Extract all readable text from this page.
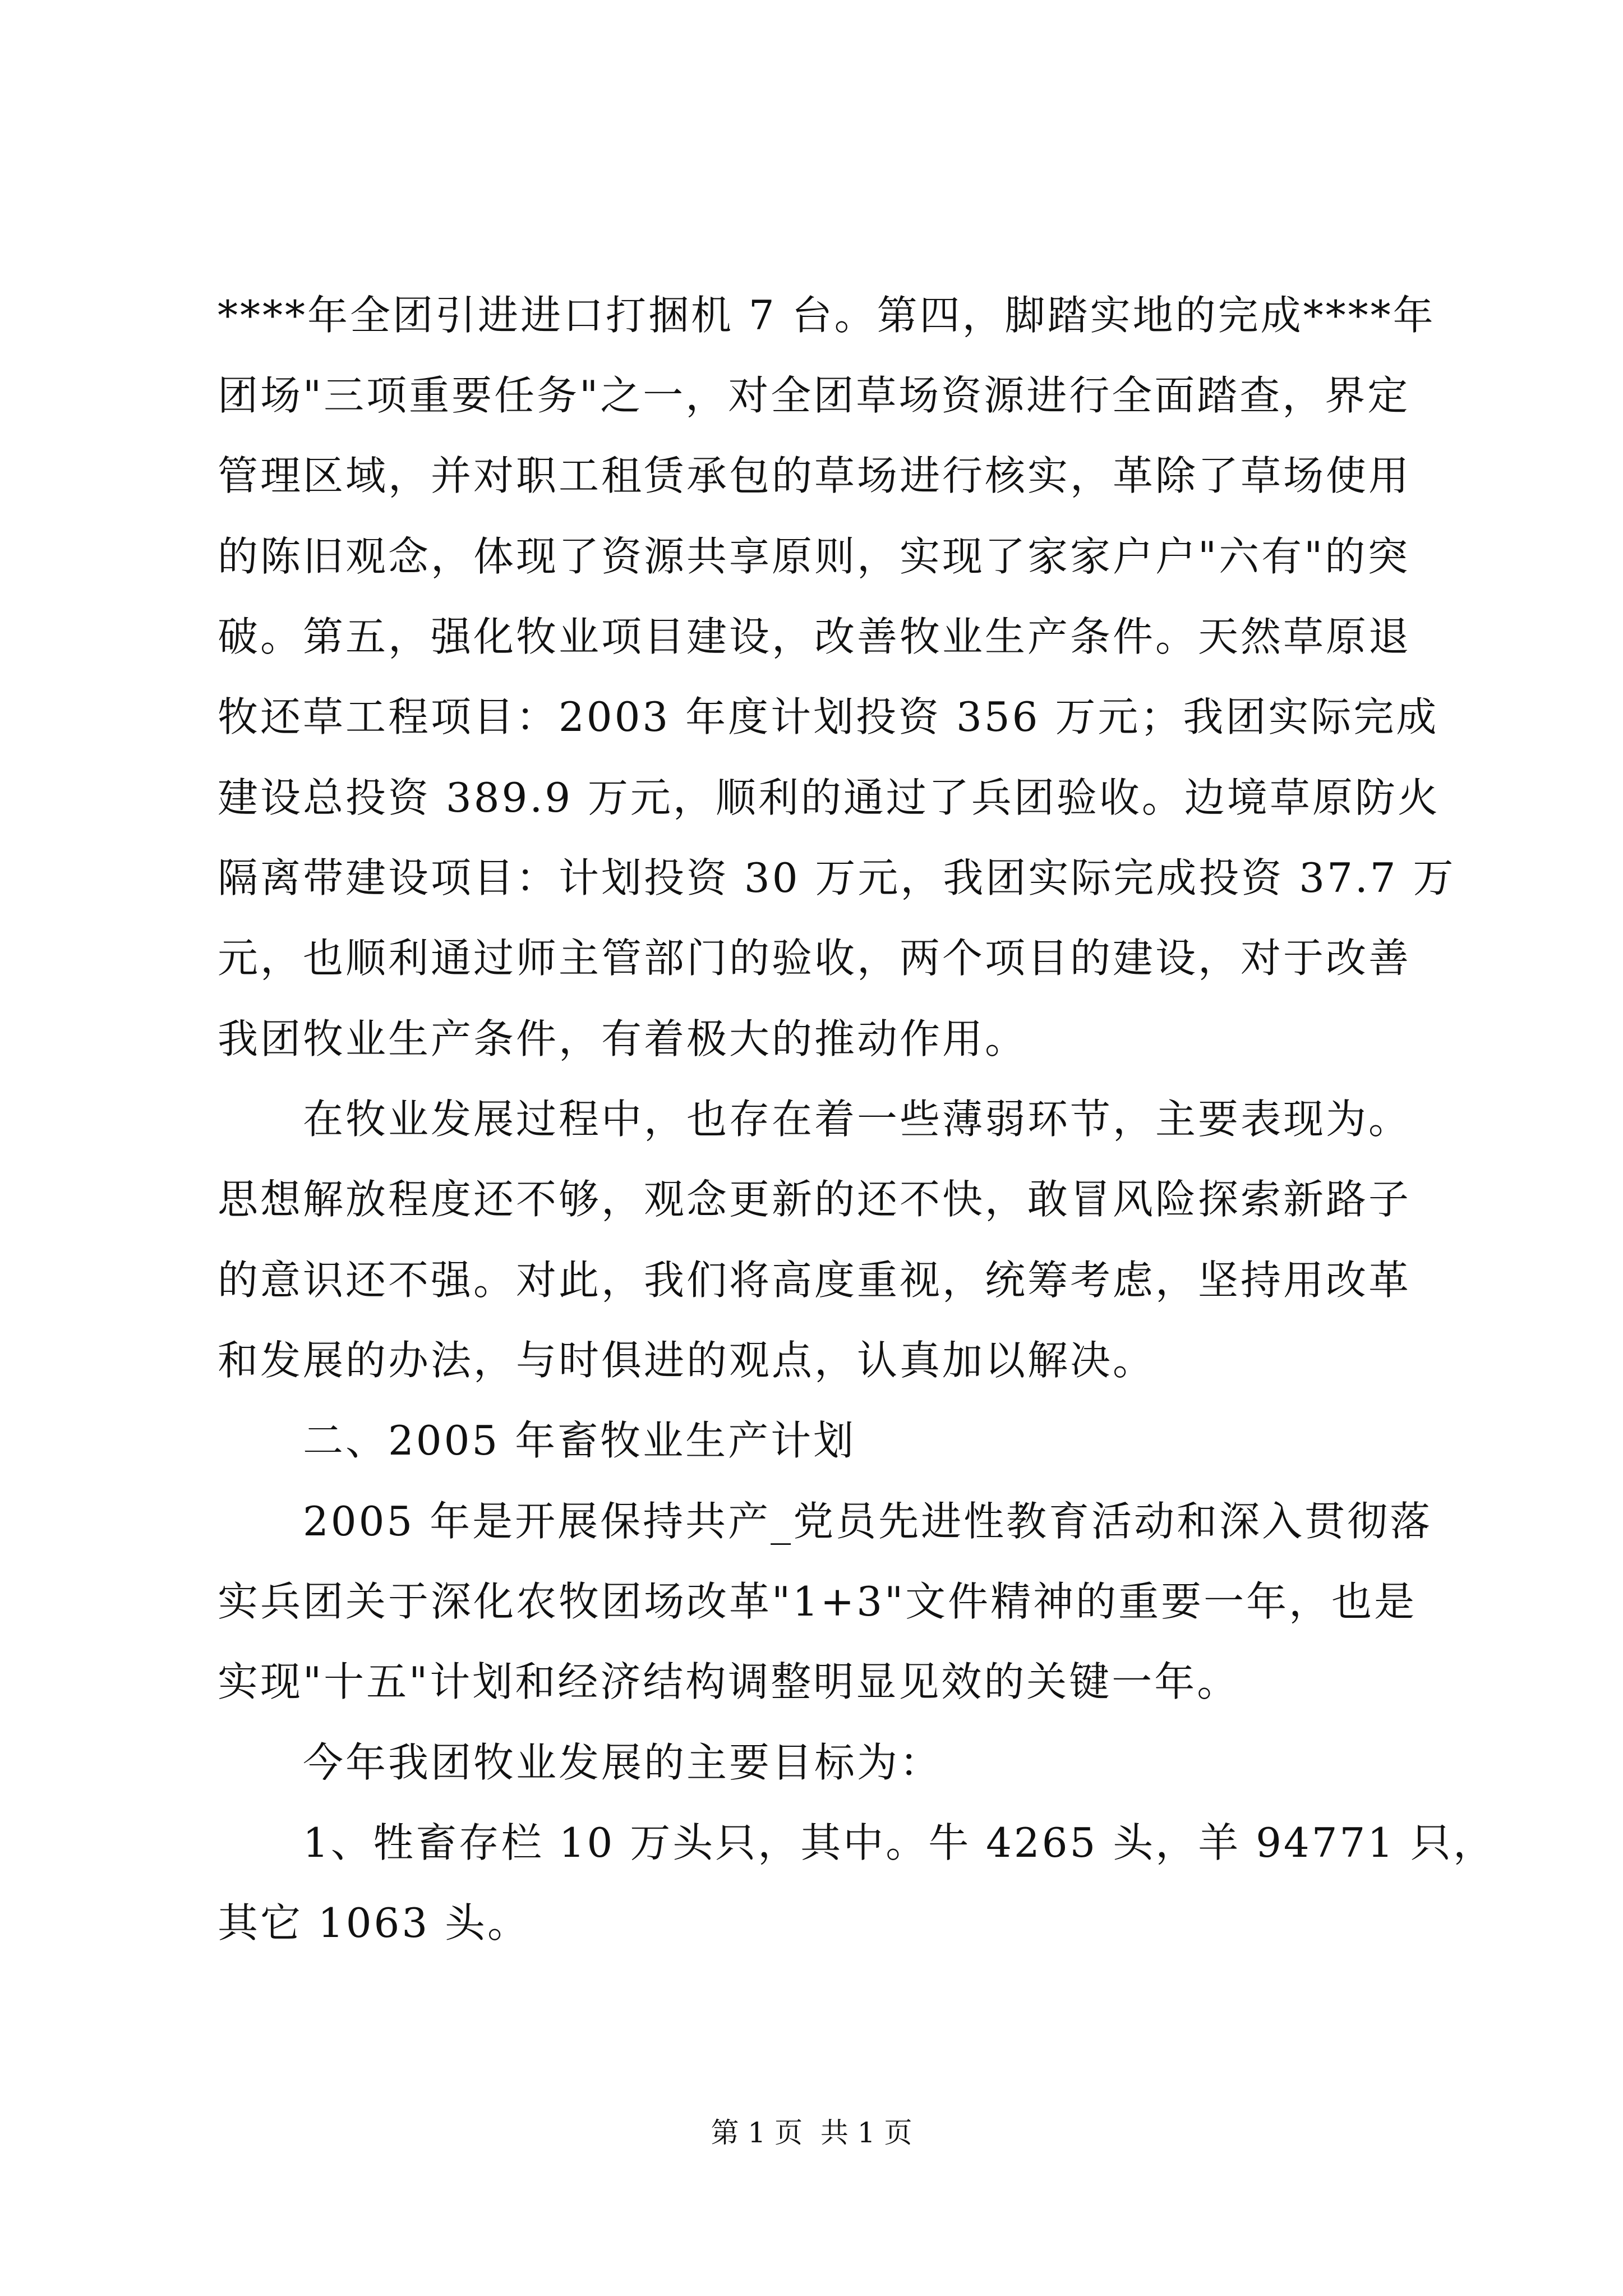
****年全团引进进口打捆机 7 台。第四，脚踏实地的完成****年
团场"三项重要任务"之一，对全团草场资源进行全面踏查，界定
管理区域，并对职工租赁承包的草场进行核实，革除了草场使用
的陈旧观念，体现了资源共享原则，实现了家家户户"六有"的突
破。第五，强化牧业项目建设，改善牧业生产条件。天然草原退
牧还草工程项目：2003 年度计划投资 356 万元；我团实际完成
建设总投资 389.9 万元，顺利的通过了兵团验收。边境草原防火
隔离带建设项目：计划投资 30 万元，我团实际完成投资 37.7 万
元，也顺利通过师主管部门的验收，两个项目的建设，对于改善
我团牧业生产条件，有着极大的推动作用。
在牧业发展过程中，也存在着一些薄弱环节，主要表现为。
思想解放程度还不够，观念更新的还不快，敢冒风险探索新路子
的意识还不强。对此，我们将高度重视，统筹考虑，坚持用改革
和发展的办法，与时俱进的观点，认真加以解决。
二、2005 年畜牧业生产计划
2005 年是开展保持共产_党员先进性教育活动和深入贯彻落
实兵团关于深化农牧团场改革"1+3"文件精神的重要一年，也是
实现"十五"计划和经济结构调整明显见效的关键一年。
今年我团牧业发展的主要目标为：
1、牲畜存栏 10 万头只，其中。牛 4265 头，羊 94771 只，
其它 1063 头。
第 1 页  共 1 页
